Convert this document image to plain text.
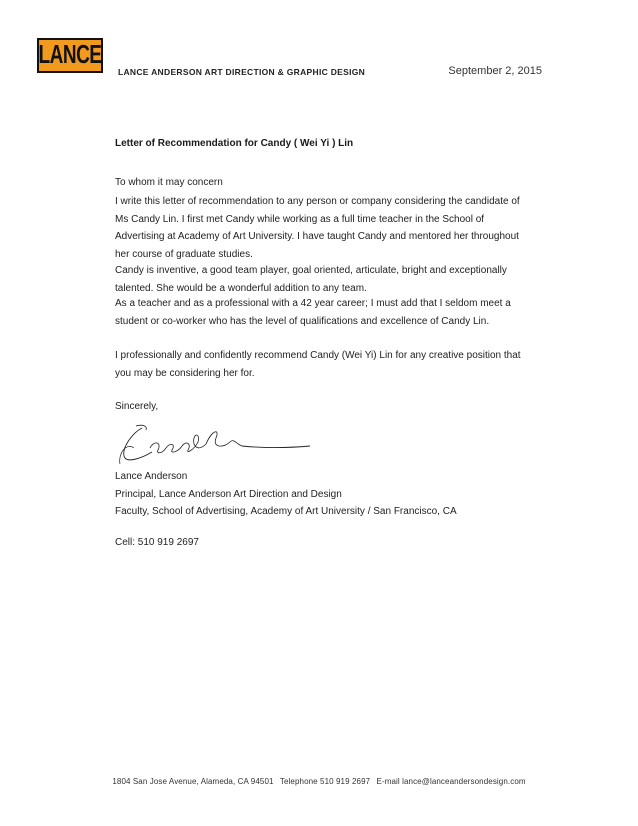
LANCE
LANCE ANDERSON ART DIRECTION & GRAPHIC DESIGN	September 2, 2015
Letter of Recommendation for Candy ( Wei Yi ) Lin
To whom it may concern
I write this letter of recommendation to any person or company considering the candidate of Ms Candy Lin. I first met Candy while working as a full time teacher in the School of Advertising at Academy of Art University. I have taught Candy and mentored her throughout her course of graduate studies.
Candy is inventive, a good team player, goal oriented, articulate, bright and exceptionally talented. She would be a wonderful addition to any team.
As a teacher and as a professional with a 42 year career; I must add that I seldom meet a student or co-worker who has the level of qualifications and excellence of Candy Lin.
I professionally and confidently recommend Candy (Wei Yi) Lin for any creative position that you may be considering her for.
Sincerely,
Lance Anderson
Principal, Lance Anderson Art Direction and Design
Faculty, School of Advertising, Academy of Art University / San Francisco, CA
Cell: 510 919 2697
1804 San Jose Avenue, Alameda, CA 94501 Telephone 510 919 2697 E-mail lance@lanceandersondesign.com
